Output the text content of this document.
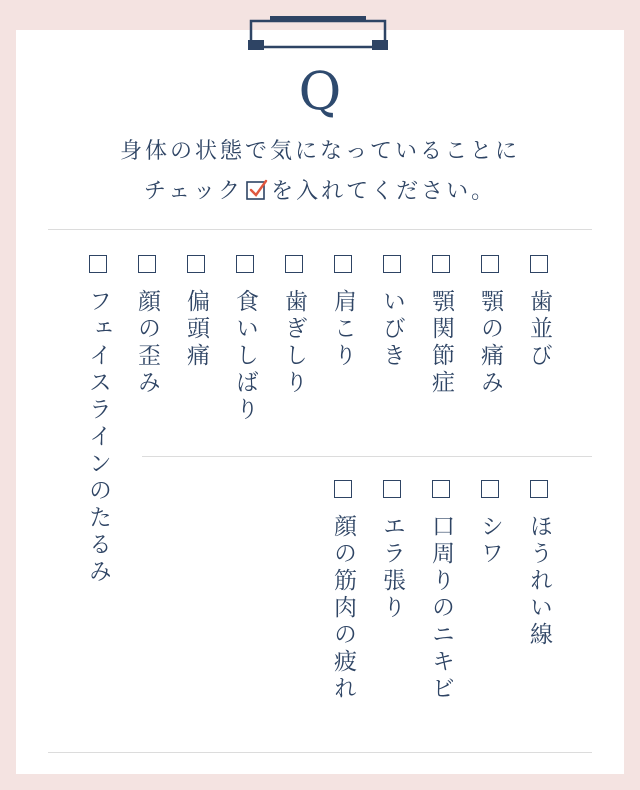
Q
身体の状態で気になっていることに
チェック を入れてください。
歯並び
顎の痛み
顎関節症
いびき
肩こり
歯ぎしり
食いしばり
偏頭痛
顔の歪み
フェイスラインのたるみ	ほうれい線
シワ
口周りのニキビ
エラ張り
顔の筋肉の疲れ
